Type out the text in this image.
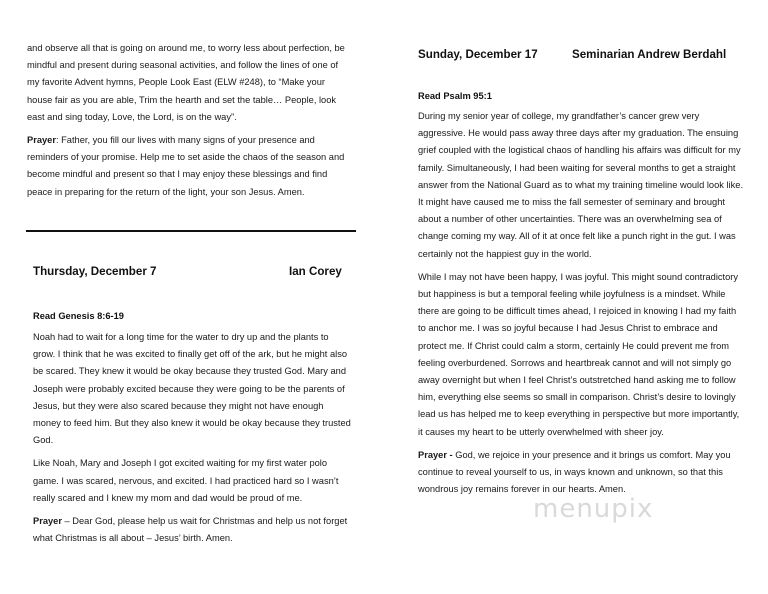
and observe all that is going on around me, to worry less about perfection, be mindful and present during seasonal activities, and follow the lines of one of my favorite Advent hymns, People Look East (ELW #248), to “Make your house fair as you are able, Trim the hearth and set the table… People, look east and sing today, Love, the Lord, is on the way”.

Prayer: Father, you fill our lives with many signs of your presence and reminders of your promise. Help me to set aside the chaos of the season and become mindful and present so that I may enjoy these blessings and find peace in preparing for the return of the light, your son Jesus. Amen.

Thursday, December 7	Ian Corey
Read Genesis 8:6-19

Noah had to wait for a long time for the water to dry up and the plants to grow. I think that he was excited to finally get off of the ark, but he might also be scared. They knew it would be okay because they trusted God. Mary and Joseph were probably excited because they were going to be the parents of Jesus, but they were also scared because they might not have enough money to feed him. But they also knew it would be okay because they trusted God.

Like Noah, Mary and Joseph I got excited waiting for my first water polo game. I was scared, nervous, and excited. I had practiced hard so I wasn’t really scared and I knew my mom and dad would be proud of me.

Prayer – Dear God, please help us wait for Christmas and help us not forget what Christmas is all about – Jesus’ birth. Amen.

Sunday, December 17	Seminarian Andrew Berdahl
Read Psalm 95:1

During my senior year of college, my grandfather’s cancer grew very aggressive. He would pass away three days after my graduation. The ensuing grief coupled with the logistical chaos of handling his affairs was difficult for my family. Simultaneously, I had been waiting for several months to get a straight answer from the National Guard as to what my training timeline would look like. It might have caused me to miss the fall semester of seminary and brought about a number of other uncertainties. There was an overwhelming sea of change coming my way. All of it at once felt like a punch right in the gut. I was certainly not the happiest guy in the world.

While I may not have been happy, I was joyful. This might sound contradictory but happiness is but a temporal feeling while joyfulness is a mindset. While there are going to be difficult times ahead, I rejoiced in knowing I had my faith to anchor me. I was so joyful because I had Jesus Christ to embrace and protect me. If Christ could calm a storm, certainly He could prevent me from feeling overburdened. Sorrows and heartbreak cannot and will not simply go away overnight but when I feel Christ’s outstretched hand asking me to follow him, everything else seems so small in comparison. Christ’s desire to lovingly lead us has helped me to keep everything in perspective but more importantly, it causes my heart to be utterly overwhelmed with sheer joy.

Prayer - God, we rejoice in your presence and it brings us comfort. May you continue to reveal yourself to us, in ways known and unknown, so that this wondrous joy remains forever in our hearts. Amen.

menupix
